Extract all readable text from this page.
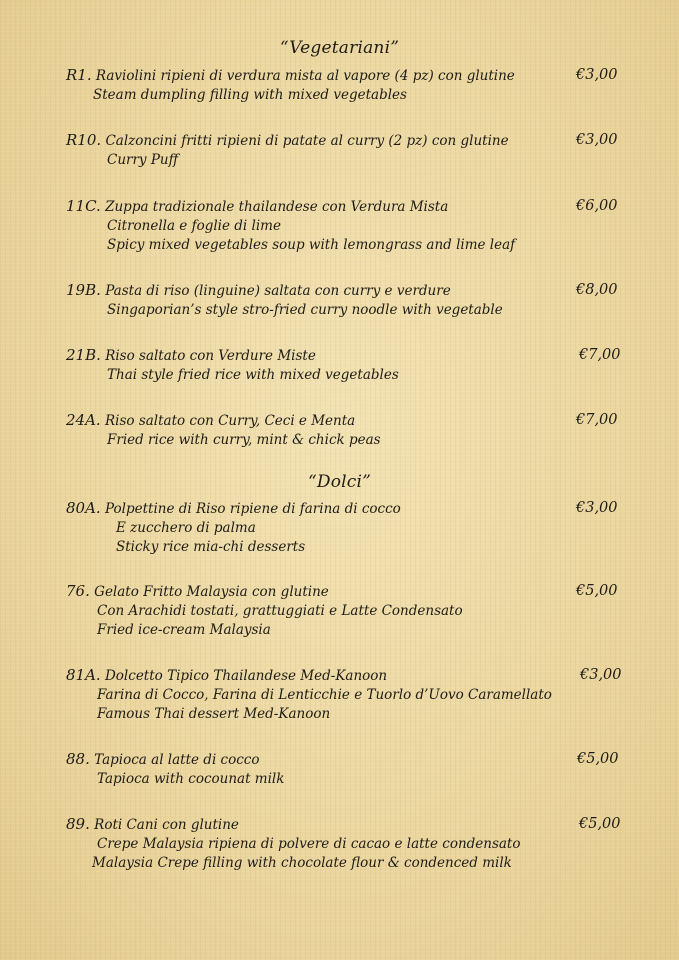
“Vegetariani”
R1. Raviolini ripieni di verdura mista al vapore (4 pz) con glutine	€3,00
Steam dumpling filling with mixed vegetables
R10. Calzoncini fritti ripieni di patate al curry (2 pz) con glutine	€3,00
Curry Puff
11C. Zuppa tradizionale thailandese con Verdura Mista	€6,00
Citronella e foglie di lime
Spicy mixed vegetables soup with lemongrass and lime leaf
19B. Pasta di riso (linguine) saltata con curry e verdure	€8,00
Singaporian’s style stro-fried curry noodle with vegetable
21B. Riso saltato con Verdure Miste	€7,00
Thai style fried rice with mixed vegetables
24A. Riso saltato con Curry, Ceci e Menta	€7,00
Fried rice with curry, mint & chick peas
“Dolci”
80A. Polpettine di Riso ripiene di farina di cocco	€3,00
E zucchero di palma
Sticky rice mia-chi desserts
76. Gelato Fritto Malaysia con glutine	€5,00
Con Arachidi tostati, grattuggiati e Latte Condensato
Fried ice-cream Malaysia
81A. Dolcetto Tipico Thailandese Med-Kanoon	€3,00
Farina di Cocco, Farina di Lenticchie e Tuorlo d’Uovo Caramellato
Famous Thai dessert Med-Kanoon
88. Tapioca al latte di cocco	€5,00
Tapioca with cocounat milk
89. Roti Cani con glutine	€5,00
Crepe Malaysia ripiena di polvere di cacao e latte condensato
Malaysia Crepe filling with chocolate flour & condenced milk
